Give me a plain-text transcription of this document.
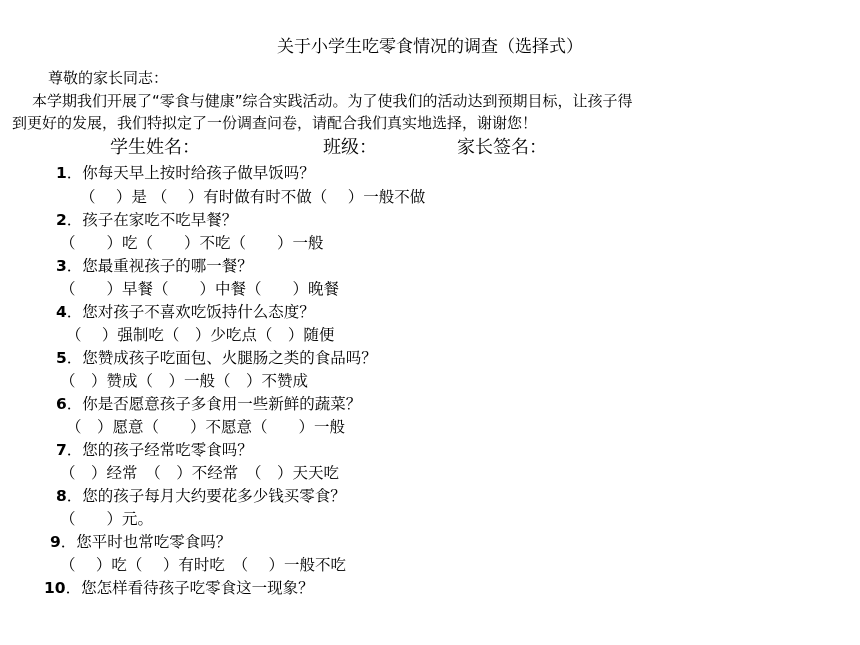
关于小学生吃零食情况的调查（选择式）
尊敬的家长同志：
本学期我们开展了“零食与健康”综合实践活动。为了使我们的活动达到预期目标，让孩子得
到更好的发展，我们特拟定了一份调查问卷，请配合我们真实地选择，谢谢您！
学生姓名：	班级：	家长签名：
1．你每天早上按时给孩子做早饭吗？
（　 ）是 （　 ）有时做有时不做（　 ）一般不做
2．孩子在家吃不吃早餐？
（　　）吃（　　）不吃（　　）一般
3．您最重视孩子的哪一餐？
（　　）早餐（　　）中餐（　　）晚餐
4．您对孩子不喜欢吃饭持什么态度？
（　 ）强制吃（　）少吃点（　）随便
5．您赞成孩子吃面包、火腿肠之类的食品吗？
（　）赞成（　）一般（　）不赞成
6．你是否愿意孩子多食用一些新鲜的蔬菜？
（　）愿意（　　）不愿意（　　）一般
7．您的孩子经常吃零食吗？
（　）经常　（　）不经常　（　）天天吃
8．您的孩子每月大约要花多少钱买零食？
（　　）元。
9．您平时也常吃零食吗？
（　 ）吃（　 ）有时吃　（　 ）一般不吃
10．您怎样看待孩子吃零食这一现象？
